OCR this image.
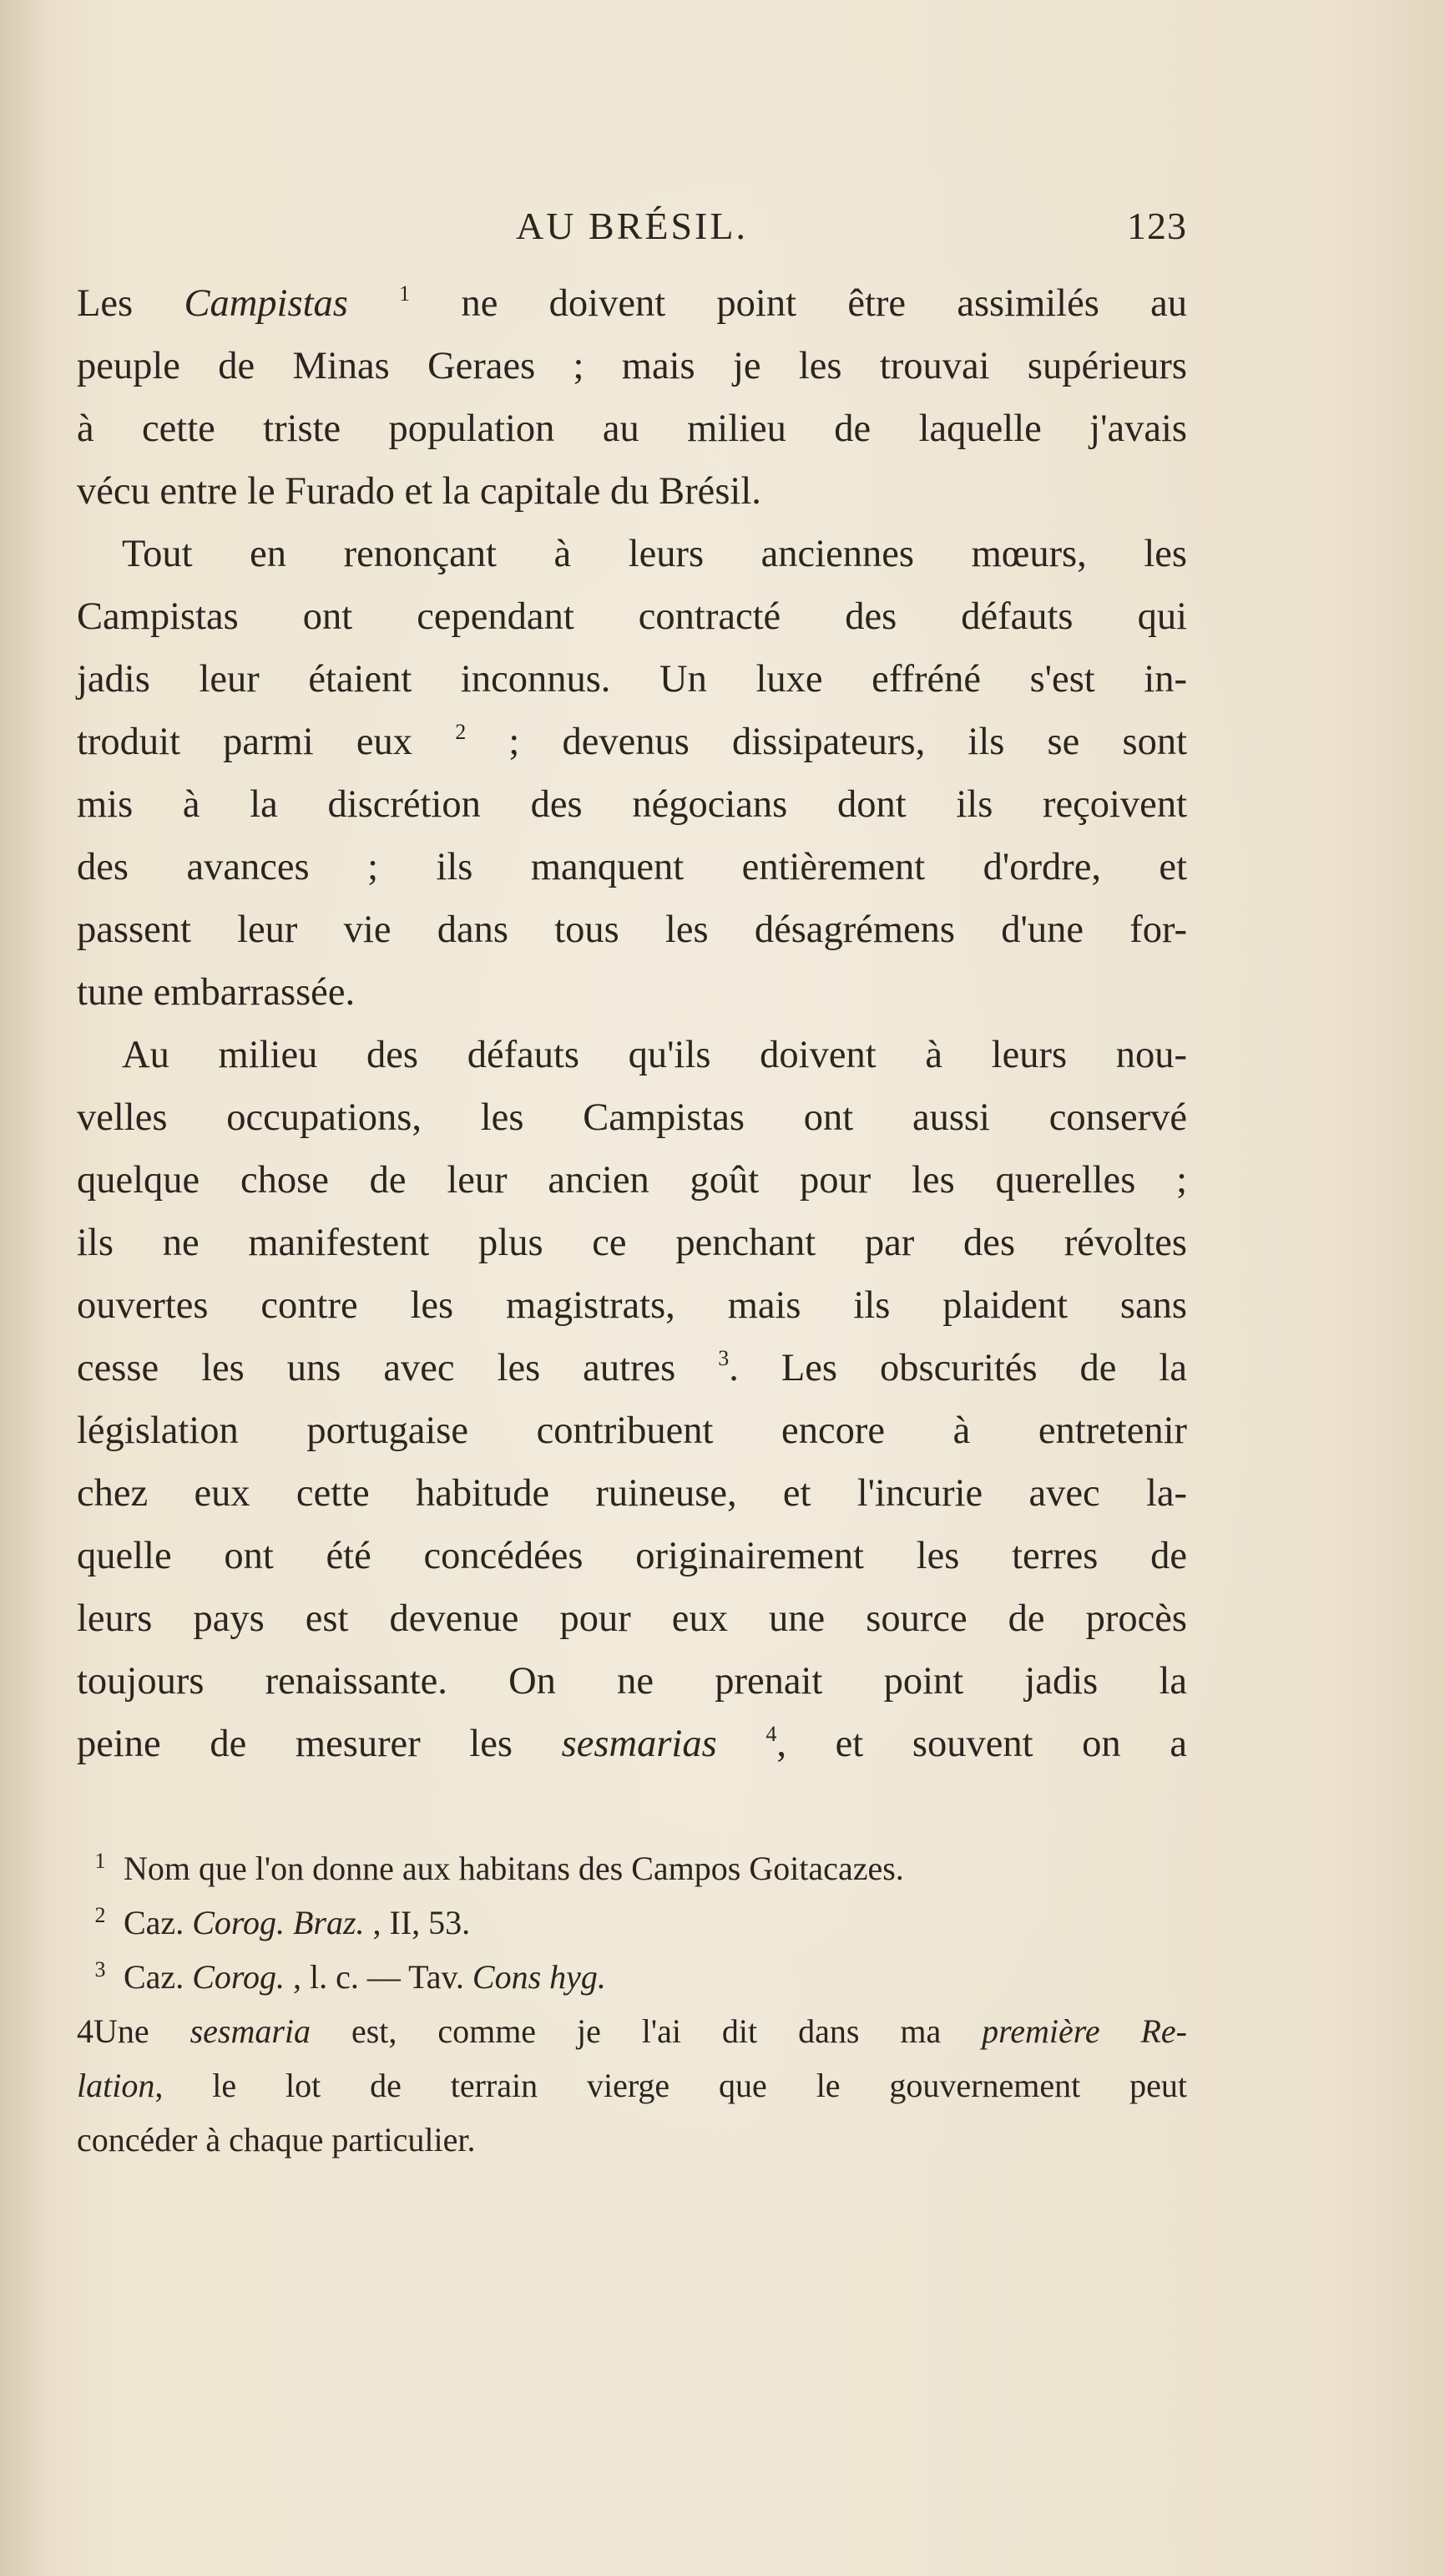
AU BRÉSIL.	123

Les Campistas $^1$ ne doivent point être assimilés au
peuple de Minas Geraes ; mais je les trouvai supérieurs
à cette triste population au milieu de laquelle j'avais
vécu entre le Furado et la capitale du Brésil.

Tout en renonçant à leurs anciennes mœurs, les
Campistas ont cependant contracté des défauts qui
jadis leur étaient inconnus. Un luxe effréné s'est in-
troduit parmi eux $^2$ ; devenus dissipateurs, ils se sont
mis à la discrétion des négocians dont ils reçoivent
des avances ; ils manquent entièrement d'ordre, et
passent leur vie dans tous les désagrémens d'une for-
tune embarrassée.

Au milieu des défauts qu'ils doivent à leurs nou-
velles occupations, les Campistas ont aussi conservé
quelque chose de leur ancien goût pour les querelles ;
ils ne manifestent plus ce penchant par des révoltes
ouvertes contre les magistrats, mais ils plaident sans
cesse les uns avec les autres $^3$. Les obscurités de la
législation portugaise contribuent encore à entretenir
chez eux cette habitude ruineuse, et l'incurie avec la-
quelle ont été concédées originairement les terres de
leurs pays est devenue pour eux une source de procès
toujours renaissante. On ne prenait point jadis la
peine de mesurer les sesmarias $^4$, et souvent on a

1 Nom que l'on donne aux habitans des Campos Goitacazes.
2 Caz. Corog. Braz. , II, 53.
3 Caz. Corog. , l. c. — Tav. Cons hyg.
4Une sesmaria est, comme je l'ai dit dans ma première Re-
lation, le lot de terrain vierge que le gouvernement peut
concéder à chaque particulier.
